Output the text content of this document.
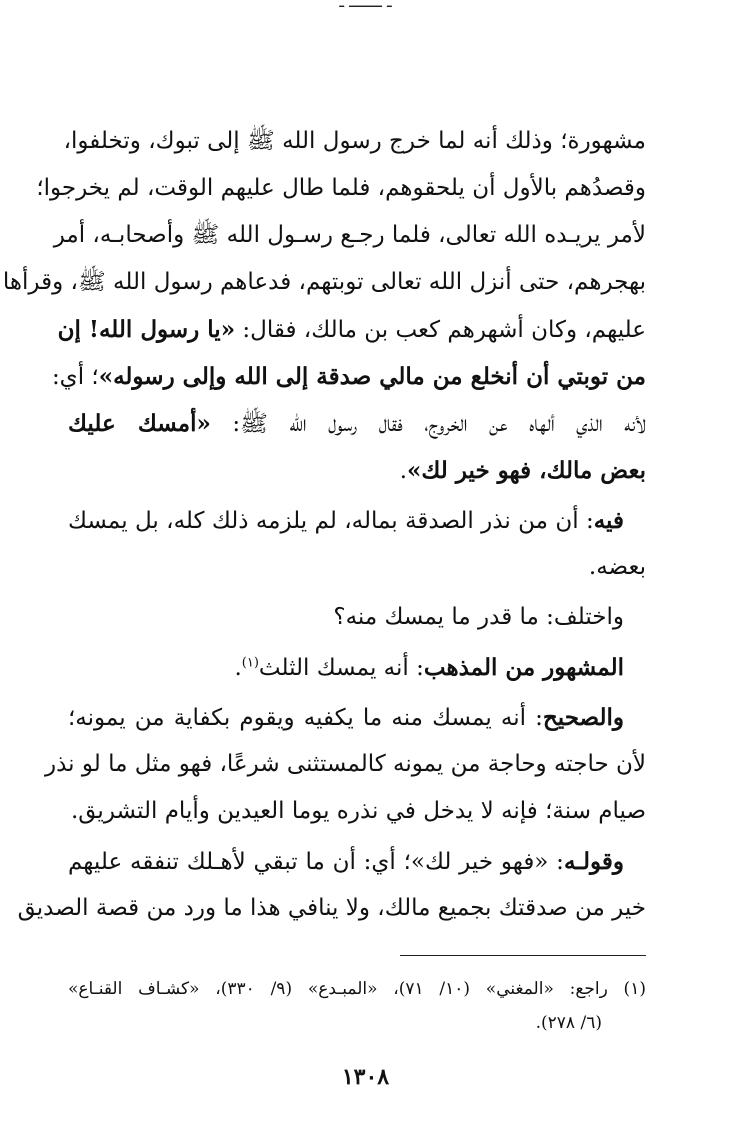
ـ ـــــــ ـ
مشهورة؛ وذلك أنه لما خرج رسول الله ﷺ إلى تبوك، وتخلفوا،
وقصدُهم بالأول أن يلحقوهم، فلما طال عليهم الوقت، لم يخرجوا؛
لأمر يريـده الله تعالى، فلما رجـع رسـول الله ﷺ وأصحابـه، أمر
بهجرهم، حتى أنزل الله تعالى توبتهم، فدعاهم رسول الله ﷺ، وقرأها
عليهم، وكان أشهرهم كعب بن مالك، فقال: «يا رسول الله! إن
من توبتي أن أنخلع من مالي صدقة إلى الله وإلى رسوله»؛ أي:
لأنه الذي ألهاه عن الخروج، فقال رسول الله ﷺ: «أمسك عليك
بعض مالك، فهو خير لك».
فيه: أن من نذر الصدقة بماله، لم يلزمه ذلك كله، بل يمسك
بعضه.
واختلف: ما قدر ما يمسك منه؟
المشهور من المذهب: أنه يمسك الثلث$^{(١)}$.
والصحيح: أنه يمسك منه ما يكفيه ويقوم بكفاية من يمونه؛
لأن حاجته وحاجة من يمونه كالمستثنى شرعًا، فهو مثل ما لو نذر
صيام سنة؛ فإنه لا يدخل في نذره يوما العيدين وأيام التشريق.
وقولـه: «فهو خير لك»؛ أي: أن ما تبقي لأهـلك تنفقه عليهم
خير من صدقتك بجميع مالك، ولا ينافي هذا ما ورد من قصة الصديق
(١) راجع: «المغني» (١٠/ ٧١)، «المبـدع» (٩/ ٣٣٠)، «كشـاف القنـاع»
(٦/ ٢٧٨).
١٣٠٨
